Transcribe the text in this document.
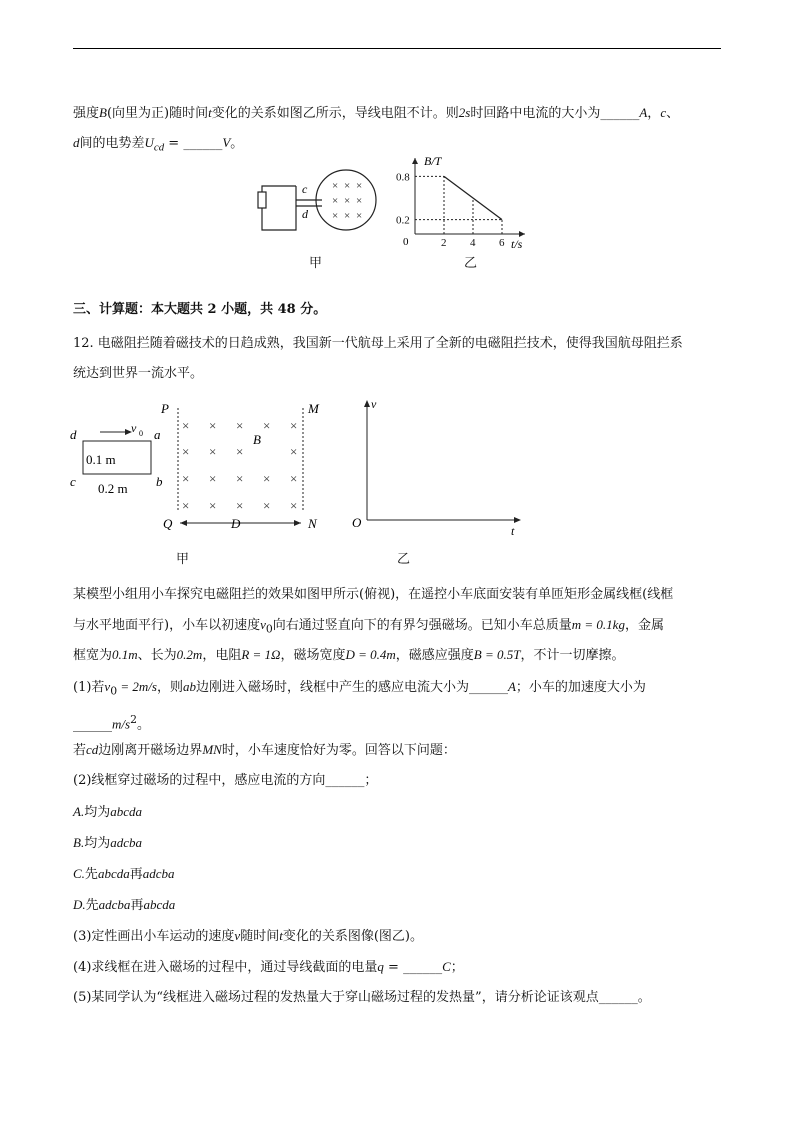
强度B(向里为正)随时间t变化的关系如图乙所示，导线电阻不计。则2s时回路中电流的大小为______A，c、
d间的电势差$U_{cd}$ = ______V。
c
d
× × ×
× × ×
× × ×
甲
2 4 6
0.8
0.2
B/T
t/s
0
乙
三、计算题：本大题共 2 小题，共 48 分。
12. 电磁阻拦随着磁技术的日趋成熟，我国新一代航母上采用了全新的电磁阻拦技术，使得我国航母阻拦系
统达到世界一流水平。
v 0
d	a
c	b
0.1 m
0.2 m
P	M
Q	N
D
B
× × × × ×
× × ×	×
× × × × ×
× × × × ×
甲
v
t
O
乙
某模型小组用小车探究电磁阻拦的效果如图甲所示(俯视)，在遥控小车底面安装有单匝矩形金属线框(线框
与水平地面平行)，小车以初速度$v_0$向右通过竖直向下的有界匀强磁场。已知小车总质量m = 0.1kg，金属
框宽为0.1m、长为0.2m，电阻R = 1Ω，磁场宽度D = 0.4m，磁感应强度B = 0.5T，不计一切摩擦。
(1)若$v_0 = 2m/s$，则ab边刚进入磁场时，线框中产生的感应电流大小为______A；小车的加速度大小为
$\_\_\_\_\_\_m/s^2$。
若cd边刚离开磁场边界MN时，小车速度恰好为零。回答以下问题：
(2)线框穿过磁场的过程中，感应电流的方向______；
A.均为abcda
B.均为adcba
C.先abcda再adcba
D.先adcba再abcda
(3)定性画出小车运动的速度v随时间t变化的关系图像(图乙)。
(4)求线框在进入磁场的过程中，通过导线截面的电量q = ______C；
(5)某同学认为“线框进入磁场过程的发热量大于穿山磁场过程的发热量”，请分析论证该观点______。
